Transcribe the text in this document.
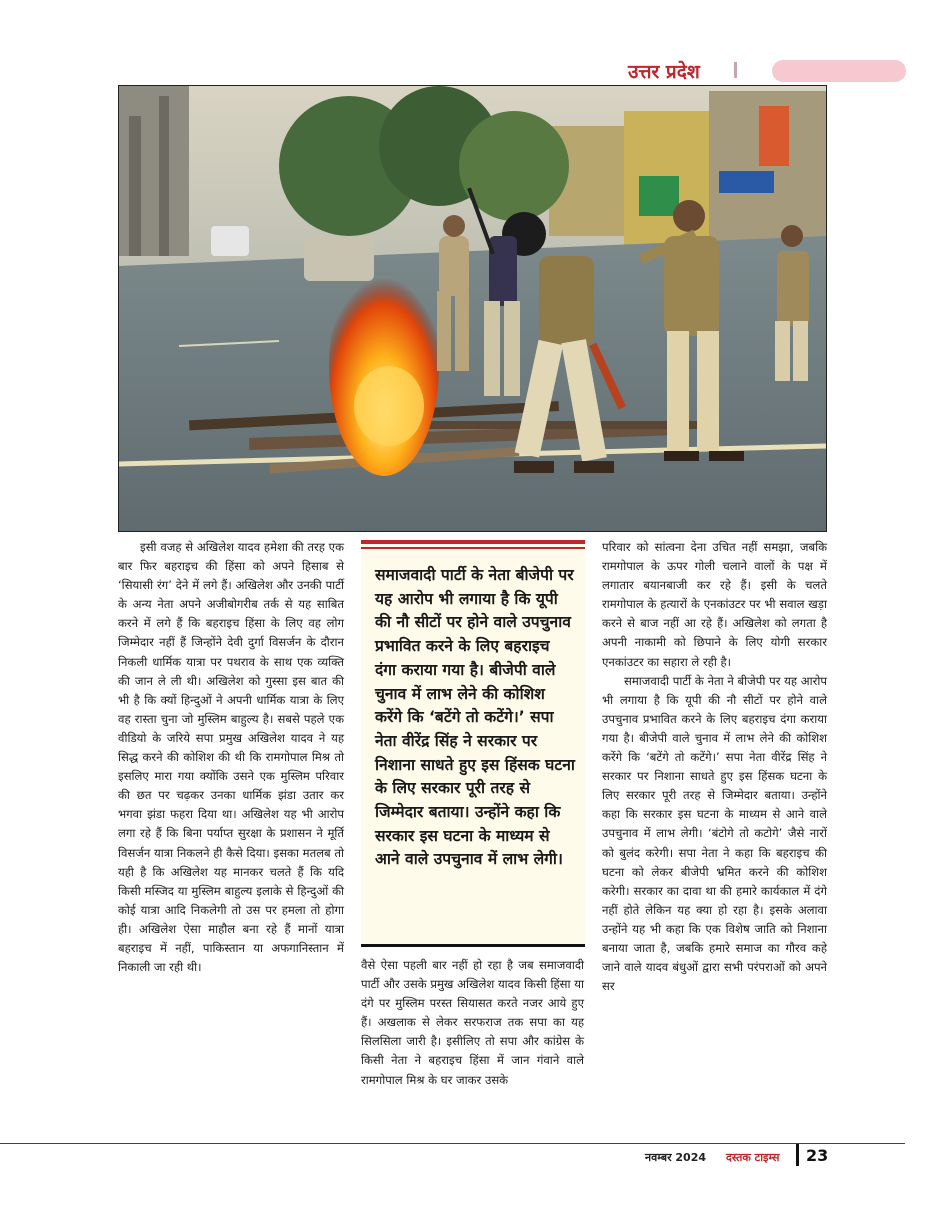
उत्तर प्रदेश

इसी वजह से अखिलेश यादव हमेशा की तरह एक बार फिर बहराइच की हिंसा को अपने हिसाब से ‘सियासी रंग’ देने में लगे हैं। अखिलेश और उनकी पार्टी के अन्य नेता अपने अजीबोगरीब तर्क से यह साबित करने में लगे हैं कि बहराइच हिंसा के लिए वह लोग जिम्मेदार नहीं हैं जिन्होंने देवी दुर्गा विसर्जन के दौरान निकली धार्मिक यात्रा पर पथराव के साथ एक व्यक्ति की जान ले ली थी। अखिलेश को गुस्सा इस बात की भी है कि क्यों हिन्दुओं ने अपनी धार्मिक यात्रा के लिए वह रास्ता चुना जो मुस्लिम बाहुल्य है। सबसे पहले एक वीडियो के जरिये सपा प्रमुख अखिलेश यादव ने यह सिद्ध करने की कोशिश की थी कि रामगोपाल मिश्र तो इसलिए मारा गया क्योंकि उसने एक मुस्लिम परिवार की छत पर चढ़कर उनका धार्मिक झंडा उतार कर भगवा झंडा फहरा दिया था। अखिलेश यह भी आरोप लगा रहे हैं कि बिना पर्याप्त सुरक्षा के प्रशासन ने मूर्ति विसर्जन यात्रा निकलने ही कैसे दिया। इसका मतलब तो यही है कि अखिलेश यह मानकर चलते हैं कि यदि किसी मस्जिद या मुस्लिम बाहुल्य इलाके से हिन्दुओं की कोई यात्रा आदि निकलेगी तो उस पर हमला तो होगा ही। अखिलेश ऐसा माहौल बना रहे हैं मानों यात्रा बहराइच में नहीं, पाकिस्तान या अफगानिस्तान में निकाली जा रही थी।

समाजवादी पार्टी के नेता बीजेपी पर यह आरोप भी लगाया है कि यूपी की नौ सीटों पर होने वाले उपचुनाव प्रभावित करने के लिए बहराइच दंगा कराया गया है। बीजेपी वाले चुनाव में लाभ लेने की कोशिश करेंगे कि ‘बटेंगे तो कटेंगे।’ सपा नेता वीरेंद्र सिंह ने सरकार पर निशाना साधते हुए इस हिंसक घटना के लिए सरकार पूरी तरह से जिम्मेदार बताया। उन्होंने कहा कि सरकार इस घटना के माध्यम से आने वाले उपचुनाव में लाभ लेगी।

वैसे ऐसा पहली बार नहीं हो रहा है जब समाजवादी पार्टी और उसके प्रमुख अखिलेश यादव किसी हिंसा या दंगे पर मुस्लिम परस्त सियासत करते नजर आये हुए हैं। अखलाक से लेकर सरफराज तक सपा का यह सिलसिला जारी है। इसीलिए तो सपा और कांग्रेस के किसी नेता ने बहराइच हिंसा में जान गंवाने वाले रामगोपाल मिश्र के घर जाकर उसके

परिवार को सांत्वना देना उचित नहीं समझा, जबकि रामगोपाल के ऊपर गोली चलाने वालों के पक्ष में लगातार बयानबाजी कर रहे हैं। इसी के चलते रामगोपाल के हत्यारों के एनकांउटर पर भी सवाल खड़ा करने से बाज नहीं आ रहे हैं। अखिलेश को लगता है अपनी नाकामी को छिपाने के लिए योगी सरकार एनकांउटर का सहारा ले रही है।

समाजवादी पार्टी के नेता ने बीजेपी पर यह आरोप भी लगाया है कि यूपी की नौ सीटों पर होने वाले उपचुनाव प्रभावित करने के लिए बहराइच दंगा कराया गया है। बीजेपी वाले चुनाव में लाभ लेने की कोशिश करेंगे कि ‘बटेंगे तो कटेंगे।’ सपा नेता वीरेंद्र सिंह ने सरकार पर निशाना साधते हुए इस हिंसक घटना के लिए सरकार पूरी तरह से जिम्मेदार बताया। उन्होंने कहा कि सरकार इस घटना के माध्यम से आने वाले उपचुनाव में लाभ लेगी। ‘बंटोगे तो कटोगे’ जैसे नारों को बुलंद करेगी। सपा नेता ने कहा कि बहराइच की घटना को लेकर बीजेपी भ्रमित करने की कोशिश करेगी। सरकार का दावा था की हमारे कार्यकाल में दंगे नहीं होते लेकिन यह क्या हो रहा है। इसके अलावा उन्होंने यह भी कहा कि एक विशेष जाति को निशाना बनाया जाता है, जबकि हमारे समाज का गौरव कहे जाने वाले यादव बंधुओं द्वारा सभी परंपराओं को अपने सर

नवम्बर 2024 दस्तक टाइम्स 23
